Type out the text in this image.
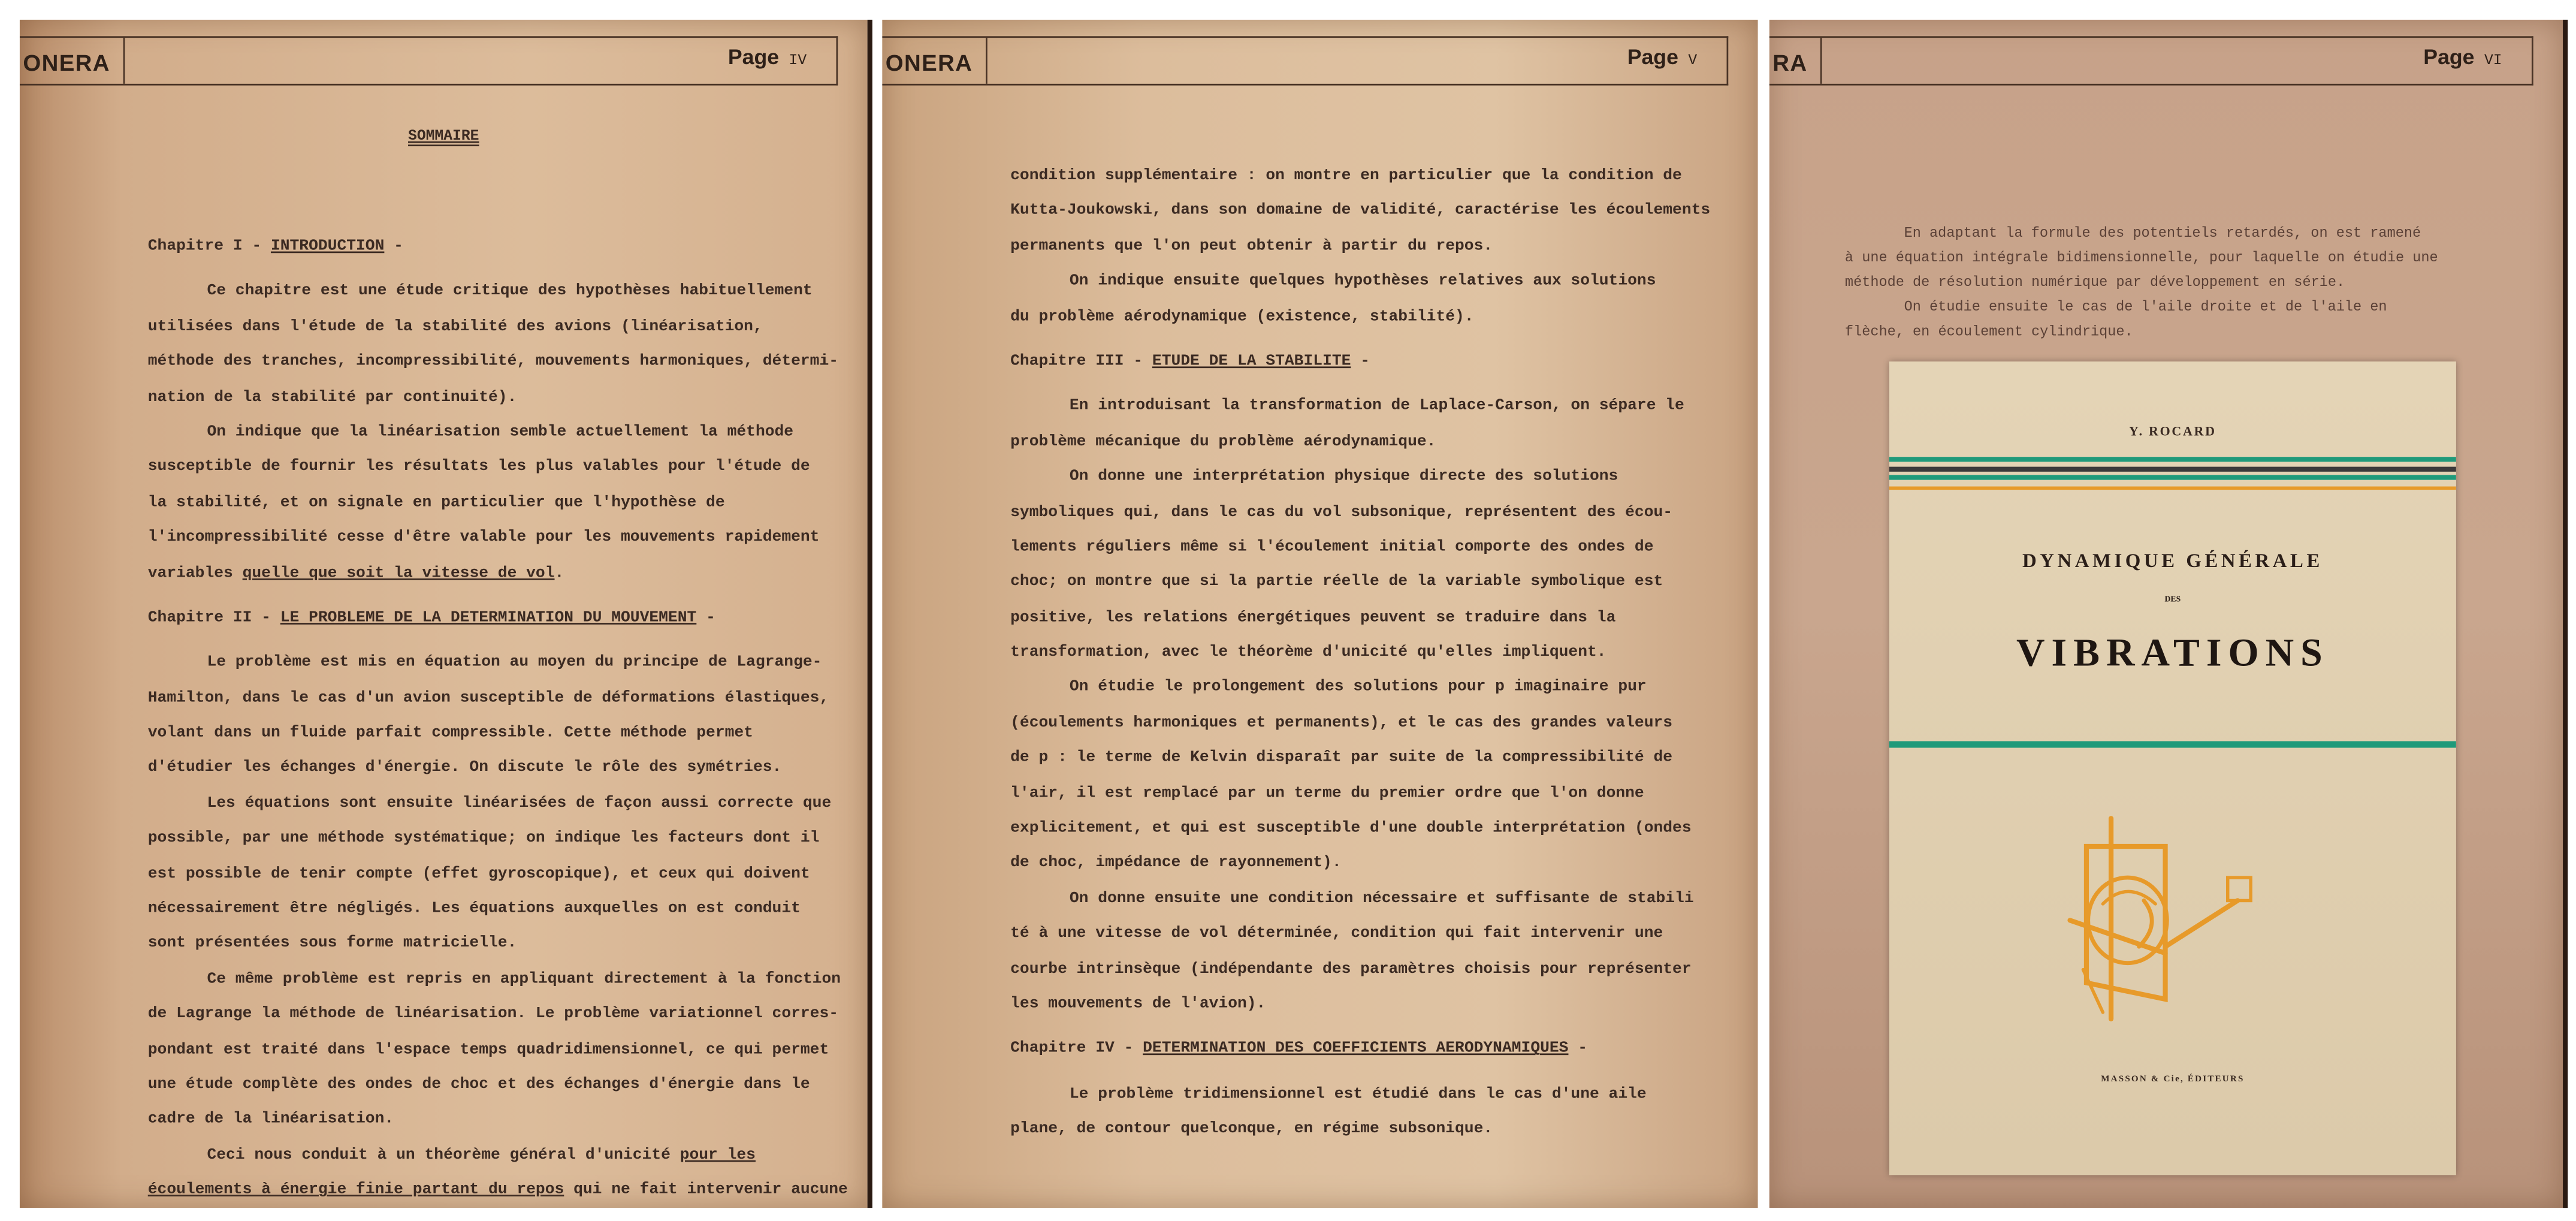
ONERA	Page IV
SOMMAIRE
Chapitre I - INTRODUCTION -
Ce chapitre est une étude critique des hypothèses habituellement
utilisées dans l'étude de la stabilité des avions (linéarisation,
méthode des tranches, incompressibilité, mouvements harmoniques, détermi-
nation de la stabilité par continuité).
On indique que la linéarisation semble actuellement la méthode
susceptible de fournir les résultats les plus valables pour l'étude de
la stabilité, et on signale en particulier que l'hypothèse de
l'incompressibilité cesse d'être valable pour les mouvements rapidement
variables quelle que soit la vitesse de vol.
Chapitre II - LE PROBLEME DE LA DETERMINATION DU MOUVEMENT -
Le problème est mis en équation au moyen du principe de Lagrange-
Hamilton, dans le cas d'un avion susceptible de déformations élastiques,
volant dans un fluide parfait compressible. Cette méthode permet
d'étudier les échanges d'énergie. On discute le rôle des symétries.
Les équations sont ensuite linéarisées de façon aussi correcte que
possible, par une méthode systématique; on indique les facteurs dont il
est possible de tenir compte (effet gyroscopique), et ceux qui doivent
nécessairement être négligés. Les équations auxquelles on est conduit
sont présentées sous forme matricielle.
Ce même problème est repris en appliquant directement à la fonction
de Lagrange la méthode de linéarisation. Le problème variationnel corres-
pondant est traité dans l'espace temps quadridimensionnel, ce qui permet
une étude complète des ondes de choc et des échanges d'énergie dans le
cadre de la linéarisation.
Ceci nous conduit à un théorème général d'unicité pour les
écoulements à énergie finie partant du repos qui ne fait intervenir aucune
ONERA	Page V
condition supplémentaire : on montre en particulier que la condition de
Kutta-Joukowski, dans son domaine de validité, caractérise les écoulements
permanents que l'on peut obtenir à partir du repos.
On indique ensuite quelques hypothèses relatives aux solutions
du problème aérodynamique (existence, stabilité).
Chapitre III - ETUDE DE LA STABILITE -
En introduisant la transformation de Laplace-Carson, on sépare le
problème mécanique du problème aérodynamique.
On donne une interprétation physique directe des solutions
symboliques qui, dans le cas du vol subsonique, représentent des écou-
lements réguliers même si l'écoulement initial comporte des ondes de
choc; on montre que si la partie réelle de la variable symbolique est
positive, les relations énergétiques peuvent se traduire dans la
transformation, avec le théorème d'unicité qu'elles impliquent.
On étudie le prolongement des solutions pour p imaginaire pur
(écoulements harmoniques et permanents), et le cas des grandes valeurs
de p : le terme de Kelvin disparaît par suite de la compressibilité de
l'air, il est remplacé par un terme du premier ordre que l'on donne
explicitement, et qui est susceptible d'une double interprétation (ondes
de choc, impédance de rayonnement).
On donne ensuite une condition nécessaire et suffisante de stabili
té à une vitesse de vol déterminée, condition qui fait intervenir une
courbe intrinsèque (indépendante des paramètres choisis pour représenter
les mouvements de l'avion).
Chapitre IV - DETERMINATION DES COEFFICIENTS AERODYNAMIQUES -
Le problème tridimensionnel est étudié dans le cas d'une aile
plane, de contour quelconque, en régime subsonique.
RA	Page VI
En adaptant la formule des potentiels retardés, on est ramené
à une équation intégrale bidimensionnelle, pour laquelle on étudie une
méthode de résolution numérique par développement en série.
On étudie ensuite le cas de l'aile droite et de l'aile en
flèche, en écoulement cylindrique.
Y. ROCARD
DYNAMIQUE GÉNÉRALE
DES
VIBRATIONS
MASSON & Cie, ÉDITEURS
